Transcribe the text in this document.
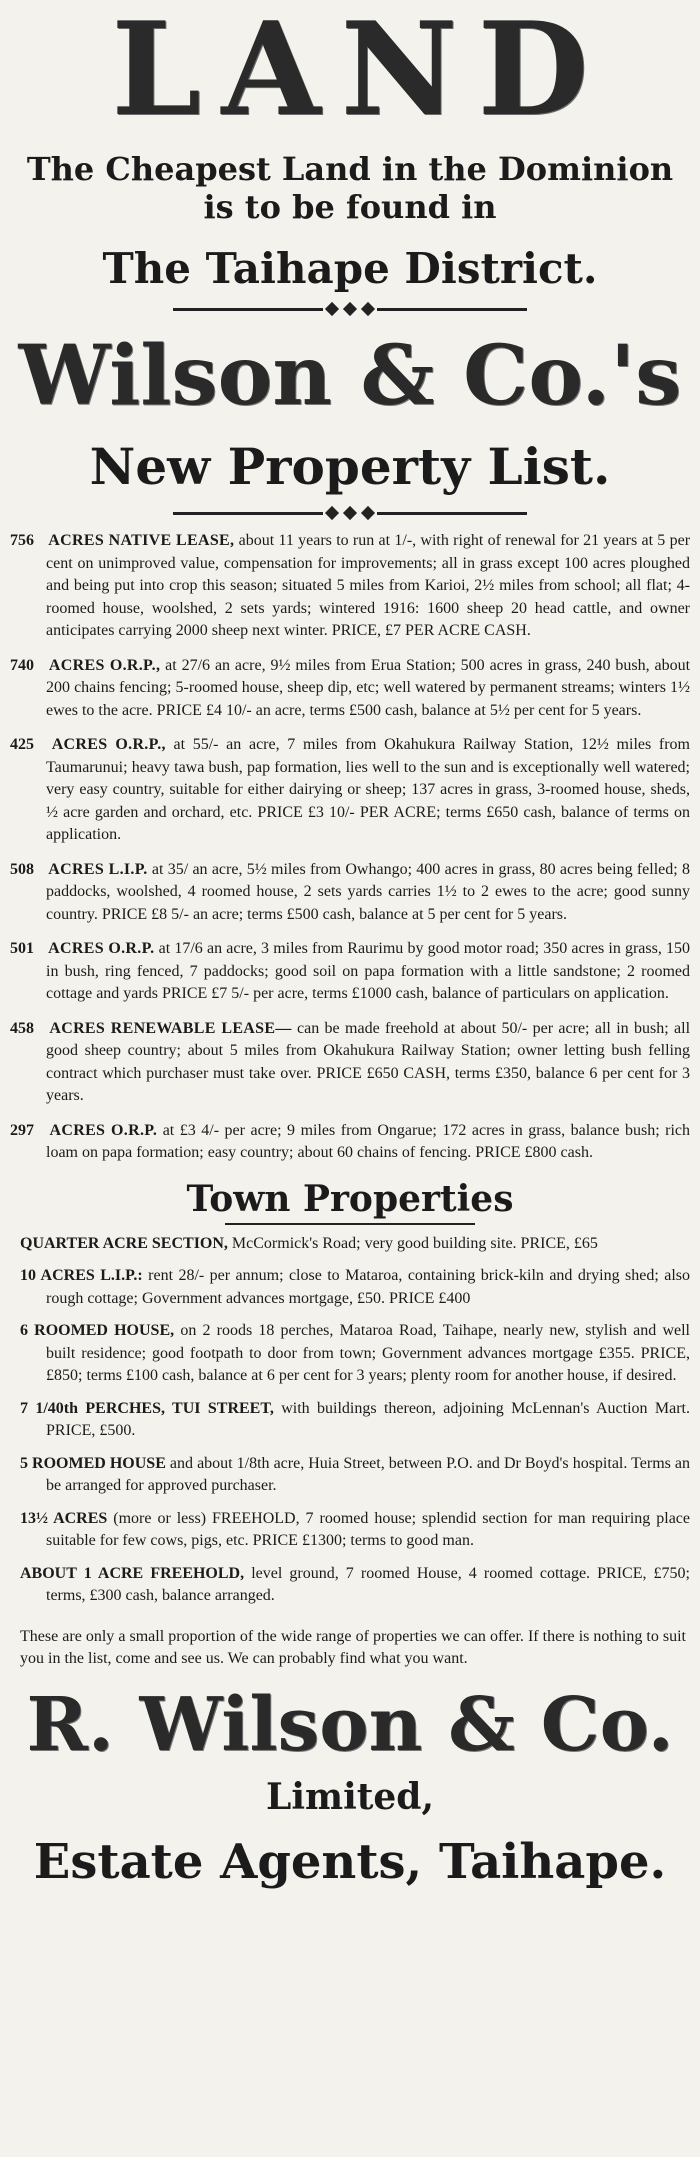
LAND
The Cheapest Land in the Dominion
is to be found in
The Taihape District.
Wilson & Co.'s
New Property List.

756 ACRES NATIVE LEASE, about 11 years to run at 1/-, with right of renewal for 21 years at 5 per cent on unimproved value, compensation for improvements; all in grass except 100 acres ploughed and being put into crop this season; situated 5 miles from Karioi, 2½ miles from school; all flat; 4-roomed house, woolshed, 2 sets yards; wintered 1916: 1600 sheep 20 head cattle, and owner anticipates carrying 2000 sheep next winter. PRICE, £7 PER ACRE CASH.

740 ACRES O.R.P., at 27/6 an acre, 9½ miles from Erua Station; 500 acres in grass, 240 bush, about 200 chains fencing; 5-roomed house, sheep dip, etc; well watered by permanent streams; winters 1½ ewes to the acre. PRICE £4 10/- an acre, terms £500 cash, balance at 5½ per cent for 5 years.

425 ACRES O.R.P., at 55/- an acre, 7 miles from Okahukura Railway Station, 12½ miles from Taumarunui; heavy tawa bush, pap formation, lies well to the sun and is exceptionally well watered; very easy country, suitable for either dairying or sheep; 137 acres in grass, 3-roomed house, sheds, ½ acre garden and orchard, etc. PRICE £3 10/- PER ACRE; terms £650 cash, balance of terms on application.

508 ACRES L.I.P. at 35/ an acre, 5½ miles from Owhango; 400 acres in grass, 80 acres being felled; 8 paddocks, woolshed, 4 roomed house, 2 sets yards carries 1½ to 2 ewes to the acre; good sunny country. PRICE £8 5/- an acre; terms £500 cash, balance at 5 per cent for 5 years.

501 ACRES O.R.P. at 17/6 an acre, 3 miles from Raurimu by good motor road; 350 acres in grass, 150 in bush, ring fenced, 7 paddocks; good soil on papa formation with a little sandstone; 2 roomed cottage and yards PRICE £7 5/- per acre, terms £1000 cash, balance of particulars on application.

458 ACRES RENEWABLE LEASE— can be made freehold at about 50/- per acre; all in bush; all good sheep country; about 5 miles from Okahukura Railway Station; owner letting bush felling contract which purchaser must take over. PRICE £650 CASH, terms £350, balance 6 per cent for 3 years.

297 ACRES O.R.P. at £3 4/- per acre; 9 miles from Ongarue; 172 acres in grass, balance bush; rich loam on papa formation; easy country; about 60 chains of fencing. PRICE £800 cash.

Town Properties

QUARTER ACRE SECTION, McCormick's Road; very good building site. PRICE, £65

10 ACRES L.I.P.: rent 28/- per annum; close to Mataroa, containing brick-kiln and drying shed; also rough cottage; Government advances mortgage, £50. PRICE £400

6 ROOMED HOUSE, on 2 roods 18 perches, Mataroa Road, Taihape, nearly new, stylish and well built residence; good footpath to door from town; Government advances mortgage £355. PRICE, £850; terms £100 cash, balance at 6 per cent for 3 years; plenty room for another house, if desired.

7 1/40th PERCHES, TUI STREET, with buildings thereon, adjoining McLennan's Auction Mart. PRICE, £500.

5 ROOMED HOUSE and about 1/8th acre, Huia Street, between P.O. and Dr Boyd's hospital. Terms an be arranged for approved purchaser.

13½ ACRES (more or less) FREEHOLD, 7 roomed house; splendid section for man requiring place suitable for few cows, pigs, etc. PRICE £1300; terms to good man.

ABOUT 1 ACRE FREEHOLD, level ground, 7 roomed House, 4 roomed cottage. PRICE, £750; terms, £300 cash, balance arranged.

These are only a small proportion of the wide range of properties we can offer. If there is nothing to suit you in the list, come and see us. We can probably find what you want.

R. Wilson & Co.
Limited,
Estate Agents, Taihape.
